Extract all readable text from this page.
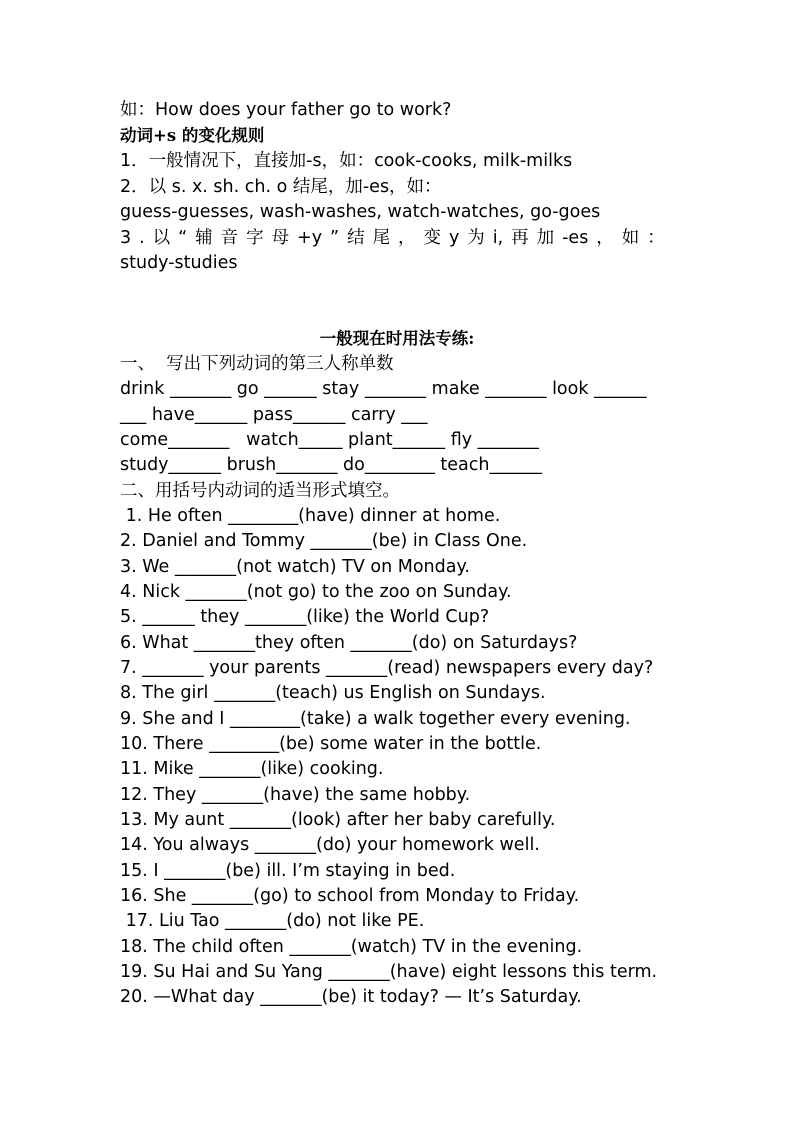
如：How does your father go to work?
动词+s 的变化规则
1．一般情况下，直接加-s，如：cook-cooks, milk-milks
2．以 s. x. sh. ch. o 结尾，加-es，如：
guess-guesses, wash-washes, watch-watches, go-goes
3 . 以 “ 辅 音 字 母 +y ” 结 尾 ， 变 y 为 i, 再 加 -es ， 如 ：
study-studies
一般现在时用法专练:
一、  写出下列动词的第三人称单数
drink _______ go ______ stay _______ make _______ look ______
___ have______ pass______ carry ___
come_______   watch_____ plant______ fly _______
study______ brush_______ do________ teach______
二、用括号内动词的适当形式填空。
1. He often ________(have) dinner at home.
2. Daniel and Tommy _______(be) in Class One.
3. We _______(not watch) TV on Monday.
4. Nick _______(not go) to the zoo on Sunday.
5. ______ they _______(like) the World Cup?
6. What _______they often _______(do) on Saturdays?
7. _______ your parents _______(read) newspapers every day?
8. The girl _______(teach) us English on Sundays.
9. She and I ________(take) a walk together every evening.
10. There ________(be) some water in the bottle.
11. Mike _______(like) cooking.
12. They _______(have) the same hobby.
13. My aunt _______(look) after her baby carefully.
14. You always _______(do) your homework well.
15. I _______(be) ill. I’m staying in bed.
16. She _______(go) to school from Monday to Friday.
17. Liu Tao _______(do) not like PE.
18. The child often _______(watch) TV in the evening.
19. Su Hai and Su Yang _______(have) eight lessons this term.
20. —What day _______(be) it today? — It’s Saturday.
